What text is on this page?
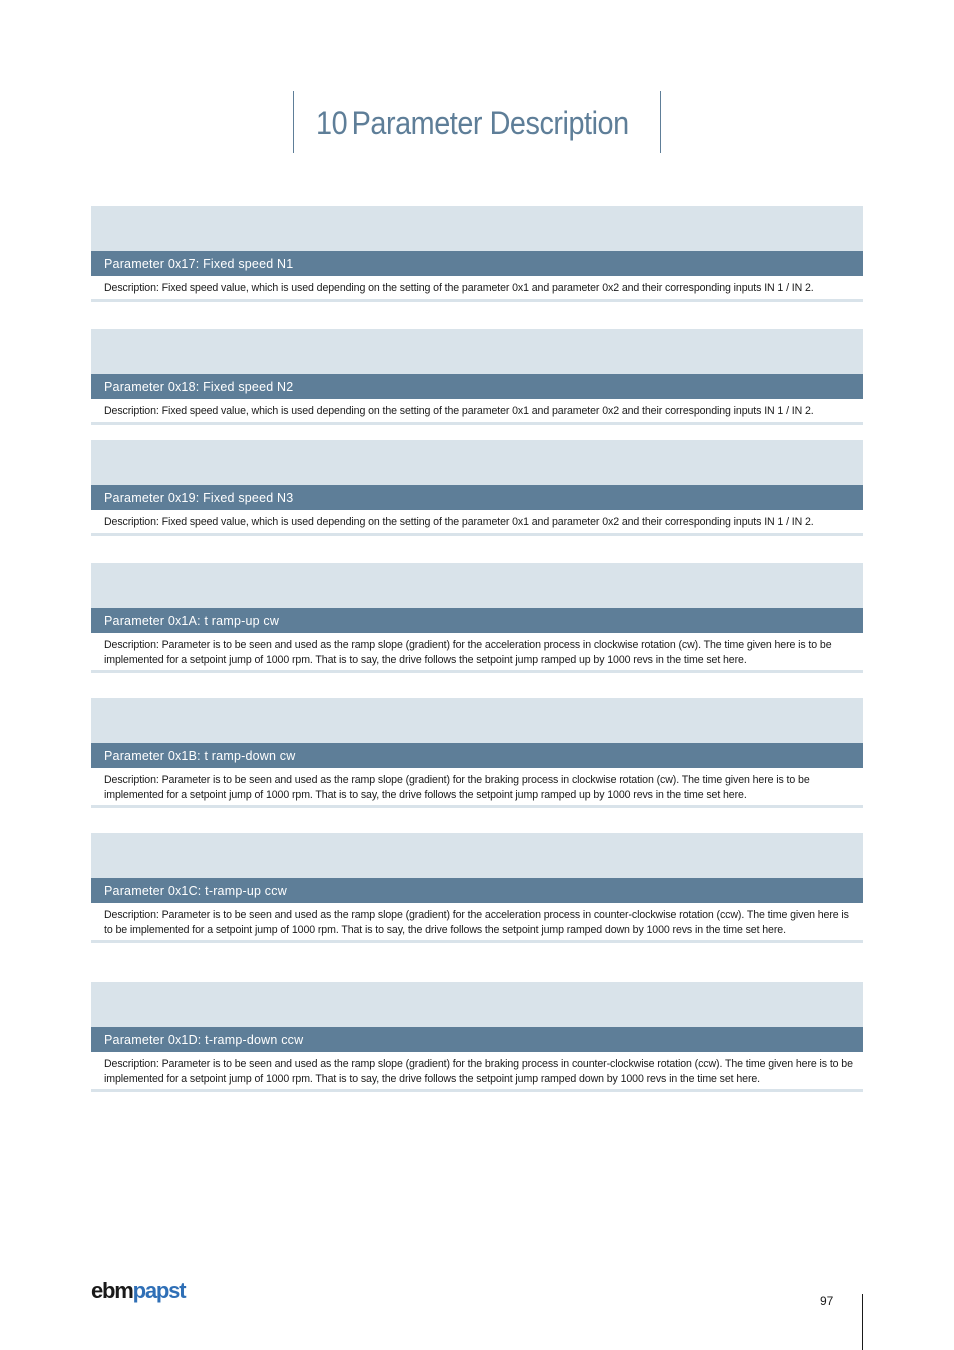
10 Parameter Description
Parameter 0x17: Fixed speed N1
Description: Fixed speed value, which is used depending on the setting of the parameter 0x1 and parameter 0x2 and their corresponding inputs IN 1 / IN 2.
Parameter 0x18: Fixed speed N2
Description: Fixed speed value, which is used depending on the setting of the parameter 0x1 and parameter 0x2 and their corresponding inputs IN 1 / IN 2.
Parameter 0x19: Fixed speed N3
Description: Fixed speed value, which is used depending on the setting of the parameter 0x1 and parameter 0x2 and their corresponding inputs IN 1 / IN 2.
Parameter 0x1A: t ramp-up cw
Description: Parameter is to be seen and used as the ramp slope (gradient) for the acceleration process in clockwise rotation (cw). The time given here is to be implemented for a setpoint jump of 1000 rpm. That is to say, the drive follows the setpoint jump ramped up by 1000 revs in the time set here.
Parameter 0x1B: t ramp-down cw
Description: Parameter is to be seen and used as the ramp slope (gradient) for the braking process in clockwise rotation (cw). The time given here is to be implemented for a setpoint jump of 1000 rpm. That is to say, the drive follows the setpoint jump ramped up by 1000 revs in the time set here.
Parameter 0x1C: t-ramp-up ccw
Description: Parameter is to be seen and used as the ramp slope (gradient) for the acceleration process in counter-clockwise rotation (ccw). The time given here is to be implemented for a setpoint jump of 1000 rpm. That is to say, the drive follows the setpoint jump ramped down by 1000 revs in the time set here.
Parameter 0x1D: t-ramp-down ccw
Description: Parameter is to be seen and used as the ramp slope (gradient) for the braking process in counter-clockwise rotation (ccw). The time given here is to be implemented for a setpoint jump of 1000 rpm. That is to say, the drive follows the setpoint jump ramped down by 1000 revs in the time set here.
ebmpapst	97
